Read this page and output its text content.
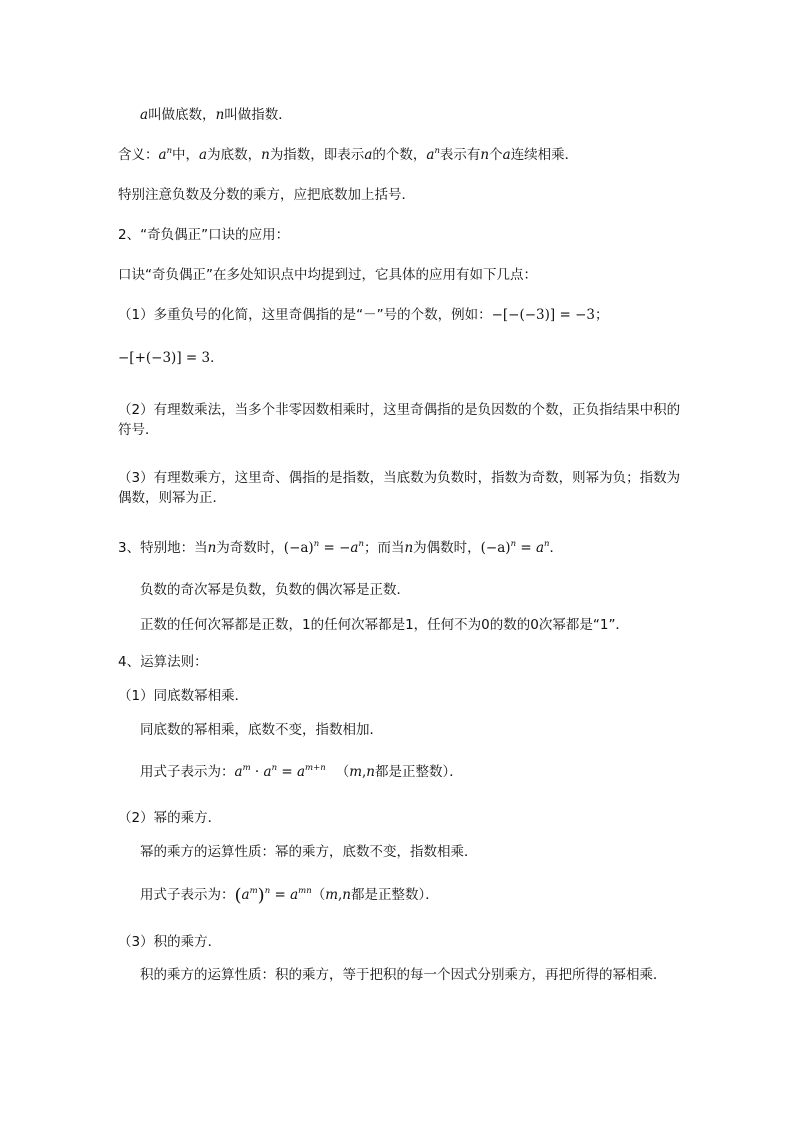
a叫做底数，n叫做指数．
含义：$a^n$中，a为底数，n为指数，即表示a的个数，$a^n$表示有n个a连续相乘．
特别注意负数及分数的乘方，应把底数加上括号．
2、“奇负偶正”口诀的应用：
口诀“奇负偶正”在多处知识点中均提到过，它具体的应用有如下几点：
（1）多重负号的化简，这里奇偶指的是“－”号的个数，例如：−[−(−3)] = −3；
−[+(−3)] = 3．
（2）有理数乘法，当多个非零因数相乘时，这里奇偶指的是负因数的个数，正负指结果中积的符号．
（3）有理数乘方，这里奇、偶指的是指数，当底数为负数时，指数为奇数，则幂为负；指数为偶数，则幂为正．
3、特别地：当n为奇数时，$(-a)^n = -a^n$；而当n为偶数时，$(-a)^n = a^n$．
负数的奇次幂是负数，负数的偶次幂是正数．
正数的任何次幂都是正数，1的任何次幂都是1，任何不为0的数的0次幂都是“1”．
4、运算法则：
（1）同底数幂相乘．
同底数的幂相乘，底数不变，指数相加．
用式子表示为：$a^m \cdot a^n = a^{m+n}$ （m,n都是正整数）．
（2）幂的乘方．
幂的乘方的运算性质：幂的乘方，底数不变，指数相乘．
用式子表示为：$(a^m)^n = a^{mn}(m,n$都是正整数）．
（3）积的乘方．
积的乘方的运算性质：积的乘方，等于把积的每一个因式分别乘方，再把所得的幂相乘．
